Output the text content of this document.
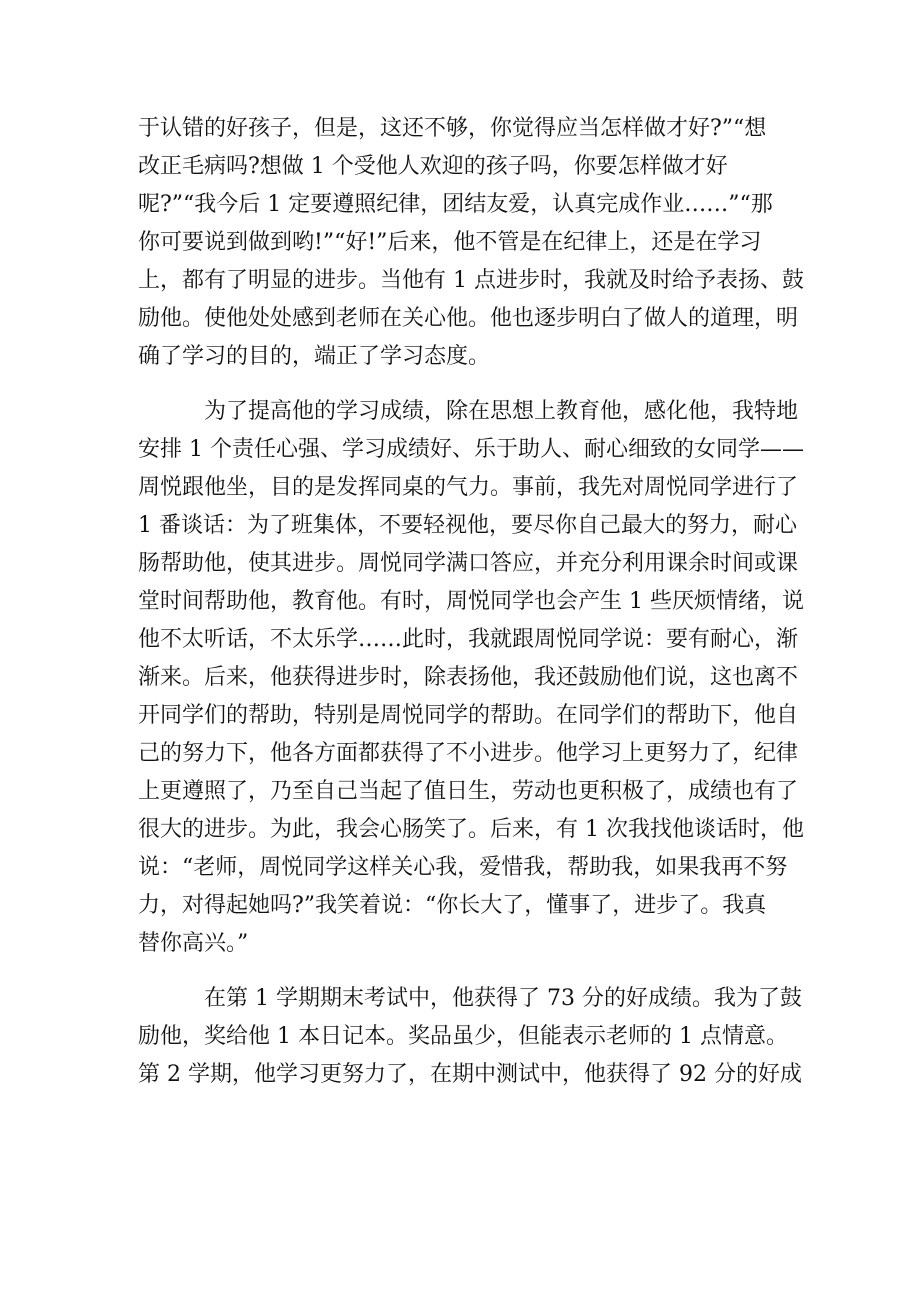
于认错的好孩子，但是，这还不够，你觉得应当怎样做才好?”“想
改正毛病吗?想做 1 个受他人欢迎的孩子吗，你要怎样做才好
呢?”“我今后 1 定要遵照纪律，团结友爱，认真完成作业……”“那
你可要说到做到哟!”“好!”后来，他不管是在纪律上，还是在学习
上，都有了明显的进步。当他有 1 点进步时，我就及时给予表扬、鼓
励他。使他处处感到老师在关心他。他也逐步明白了做人的道理，明
确了学习的目的，端正了学习态度。
为了提高他的学习成绩，除在思想上教育他，感化他，我特地
安排 1 个责任心强、学习成绩好、乐于助人、耐心细致的女同学——
周悦跟他坐，目的是发挥同桌的气力。事前，我先对周悦同学进行了
1 番谈话：为了班集体，不要轻视他，要尽你自己最大的努力，耐心
肠帮助他，使其进步。周悦同学满口答应，并充分利用课余时间或课
堂时间帮助他，教育他。有时，周悦同学也会产生 1 些厌烦情绪，说
他不太听话，不太乐学……此时，我就跟周悦同学说：要有耐心，渐
渐来。后来，他获得进步时，除表扬他，我还鼓励他们说，这也离不
开同学们的帮助，特别是周悦同学的帮助。在同学们的帮助下，他自
己的努力下，他各方面都获得了不小进步。他学习上更努力了，纪律
上更遵照了，乃至自己当起了值日生，劳动也更积极了，成绩也有了
很大的进步。为此，我会心肠笑了。后来，有 1 次我找他谈话时，他
说：“老师，周悦同学这样关心我，爱惜我，帮助我，如果我再不努
力，对得起她吗?”我笑着说：“你长大了，懂事了，进步了。我真
替你高兴。”
在第 1 学期期末考试中，他获得了 73 分的好成绩。我为了鼓
励他，奖给他 1 本日记本。奖品虽少，但能表示老师的 1 点情意。
第 2 学期，他学习更努力了，在期中测试中，他获得了 92 分的好成
